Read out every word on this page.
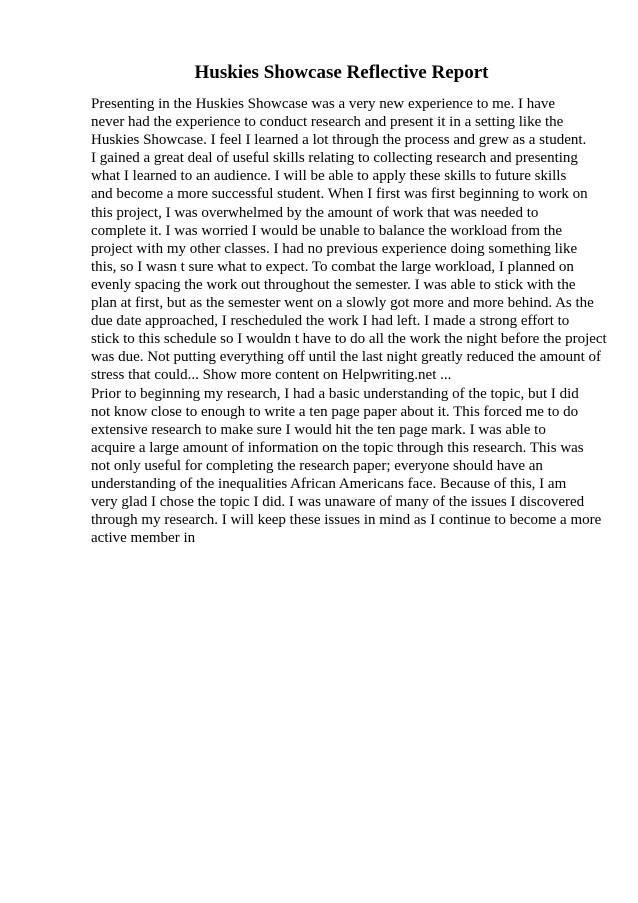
Huskies Showcase Reflective Report
Presenting in the Huskies Showcase was a very new experience to me. I have
never had the experience to conduct research and present it in a setting like the
Huskies Showcase. I feel I learned a lot through the process and grew as a student.
I gained a great deal of useful skills relating to collecting research and presenting
what I learned to an audience. I will be able to apply these skills to future skills
and become a more successful student. When I first was first beginning to work on
this project, I was overwhelmed by the amount of work that was needed to
complete it. I was worried I would be unable to balance the workload from the
project with my other classes. I had no previous experience doing something like
this, so I wasn t sure what to expect. To combat the large workload, I planned on
evenly spacing the work out throughout the semester. I was able to stick with the
plan at first, but as the semester went on a slowly got more and more behind. As the
due date approached, I rescheduled the work I had left. I made a strong effort to
stick to this schedule so I wouldn t have to do all the work the night before the project
was due. Not putting everything off until the last night greatly reduced the amount of
stress that could... Show more content on Helpwriting.net ...
Prior to beginning my research, I had a basic understanding of the topic, but I did
not know close to enough to write a ten page paper about it. This forced me to do
extensive research to make sure I would hit the ten page mark. I was able to
acquire a large amount of information on the topic through this research. This was
not only useful for completing the research paper; everyone should have an
understanding of the inequalities African Americans face. Because of this, I am
very glad I chose the topic I did. I was unaware of many of the issues I discovered
through my research. I will keep these issues in mind as I continue to become a more
active member in
